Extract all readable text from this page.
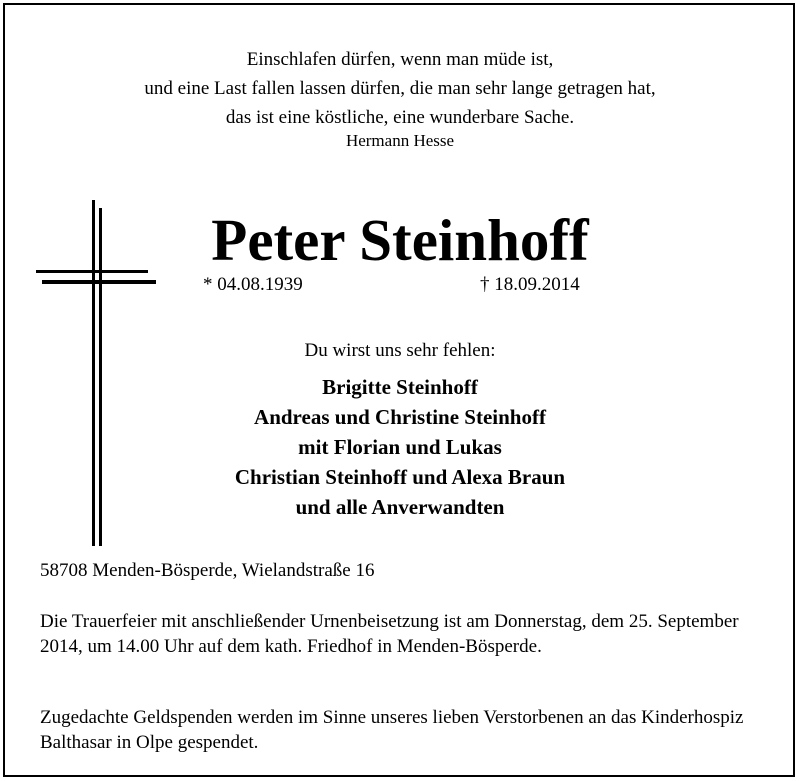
Einschlafen dürfen, wenn man müde ist,
und eine Last fallen lassen dürfen, die man sehr lange getragen hat,
das ist eine köstliche, eine wunderbare Sache.
Hermann Hesse
Peter Steinhoff
* 04.08.1939	† 18.09.2014
Du wirst uns sehr fehlen:
Brigitte Steinhoff
Andreas und Christine Steinhoff
mit Florian und Lukas
Christian Steinhoff und Alexa Braun
und alle Anverwandten
58708 Menden-Bösperde, Wielandstraße 16
Die Trauerfeier mit anschließender Urnenbeisetzung ist am Donnerstag, dem 25. September 2014, um 14.00 Uhr auf dem kath. Friedhof in Menden-Bösperde.
Zugedachte Geldspenden werden im Sinne unseres lieben Verstorbenen an das Kinderhospiz Balthasar in Olpe gespendet.
